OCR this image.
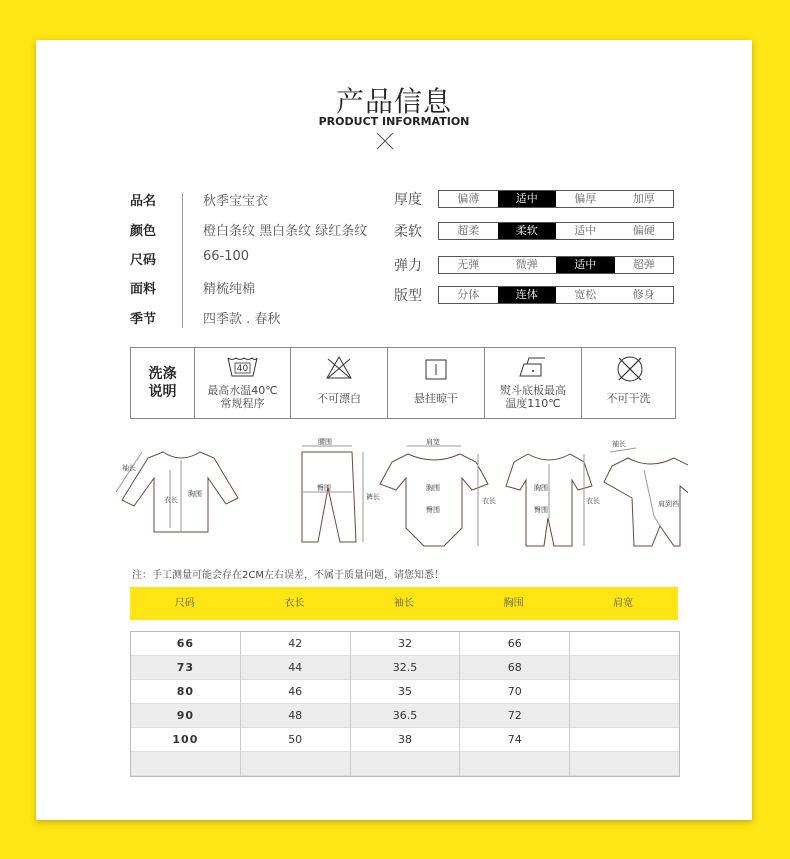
产品信息
PRODUCT INFORMATION
品名	秋季宝宝衣
颜色	橙白条纹 黑白条纹 绿红条纹
尺码	66-100
面料	精梳纯棉
季节	四季款 . 春秋
厚度	偏薄	适中	偏厚	加厚
柔软	超柔	柔软	适中	偏硬
弹力	无弹	微弹	适中	超弹
版型	分体	连体	宽松	修身
洗涤
说明
40
最高水温40℃
常规程序	不可漂白	悬挂晾干
熨斗底板最高
温度110℃	不可干洗
袖长
衣长
胸围
腰围
臀围
裤长
肩宽
胸围
臀围
衣长
胸围
臀围
衣长
袖长
肩到裆
注：手工测量可能会存在2CM左右误差，不属于质量问题，请您知悉！
尺码	衣长	袖长	胸围	肩宽
66	42	32	66
73	44	32.5	68
80	46	35	70
90	48	36.5	72
100	50	38	74
